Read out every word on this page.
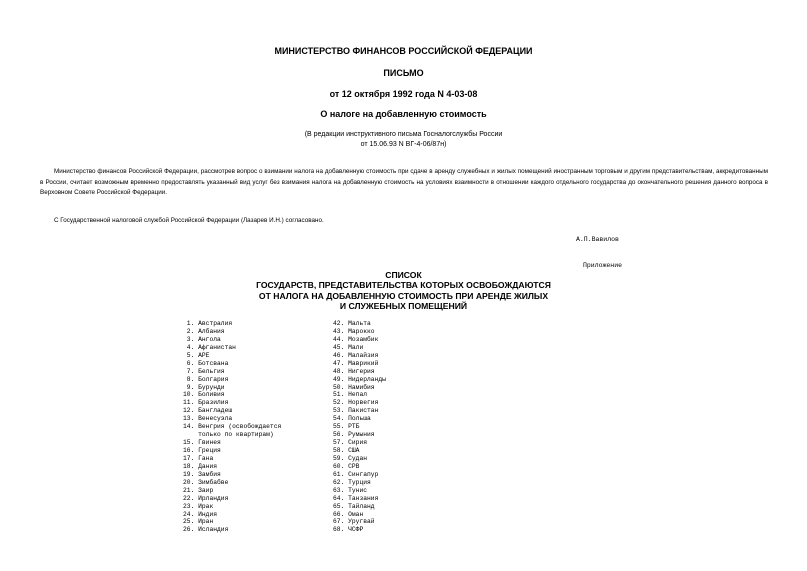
МИНИСТЕРСТВО ФИНАНСОВ РОССИЙСКОЙ ФЕДЕРАЦИИ
ПИСЬМО
от 12 октября 1992 года N 4-03-08
О налоге на добавленную стоимость
(В редакции инструктивного письма Госналогслужбы России
от 15.06.93 N ВГ-4-06/87н)
Министерство финансов Российской Федерации, рассмотрев вопрос о взимании налога на добавленную стоимость при сдаче в аренду служебных и жилых помещений иностранным торговым и другим представительствам, аккредитованным в России, считает возможным временно предоставлять указанный вид услуг без взимания налога на добавленную стоимость на условиях взаимности в отношении каждого отдельного государства до окончательного решения данного вопроса в Верховном Совете Российской Федерации.
С Государственной налоговой службой Российской Федерации (Лазарев И.Н.) согласовано.
А.П.Вавилов
Приложение
СПИСОК
ГОСУДАРСТВ, ПРЕДСТАВИТЕЛЬСТВА КОТОРЫХ ОСВОБОЖДАЮТСЯ
ОТ НАЛОГА НА ДОБАВЛЕННУЮ СТОИМОСТЬ ПРИ АРЕНДЕ ЖИЛЫХ
И СЛУЖЕБНЫХ ПОМЕЩЕНИЙ
1. Австралия
2. Албания
3. Ангола
4. Афганистан
5. АРЕ
6. Ботсвана
7. Бельгия
8. Болгария
9. Бурунди
10. Боливия
11. Бразилия
12. Бангладеш
13. Венесуэла
14. Венгрия (освобождается
только по квартирам)
15. Гвинея
16. Греция
17. Гана
18. Дания
19. Замбия
20. Зимбабве
21. Заир
22. Ирландия
23. Ирак
24. Индия
25. Иран
26. Исландия
42. Мальта
43. Марокко
44. Мозамбик
45. Мали
46. Малайзия
47. Маврикий
48. Нигерия
49. Нидерланды
50. Намибия
51. Непал
52. Норвегия
53. Пакистан
54. Польша
55. РТБ
56. Румыния
57. Сирия
58. США
59. Судан
60. СРВ
61. Сингапур
62. Турция
63. Тунис
64. Танзания
65. Тайланд
66. Оман
67. Уругвай
68. ЧСФР
